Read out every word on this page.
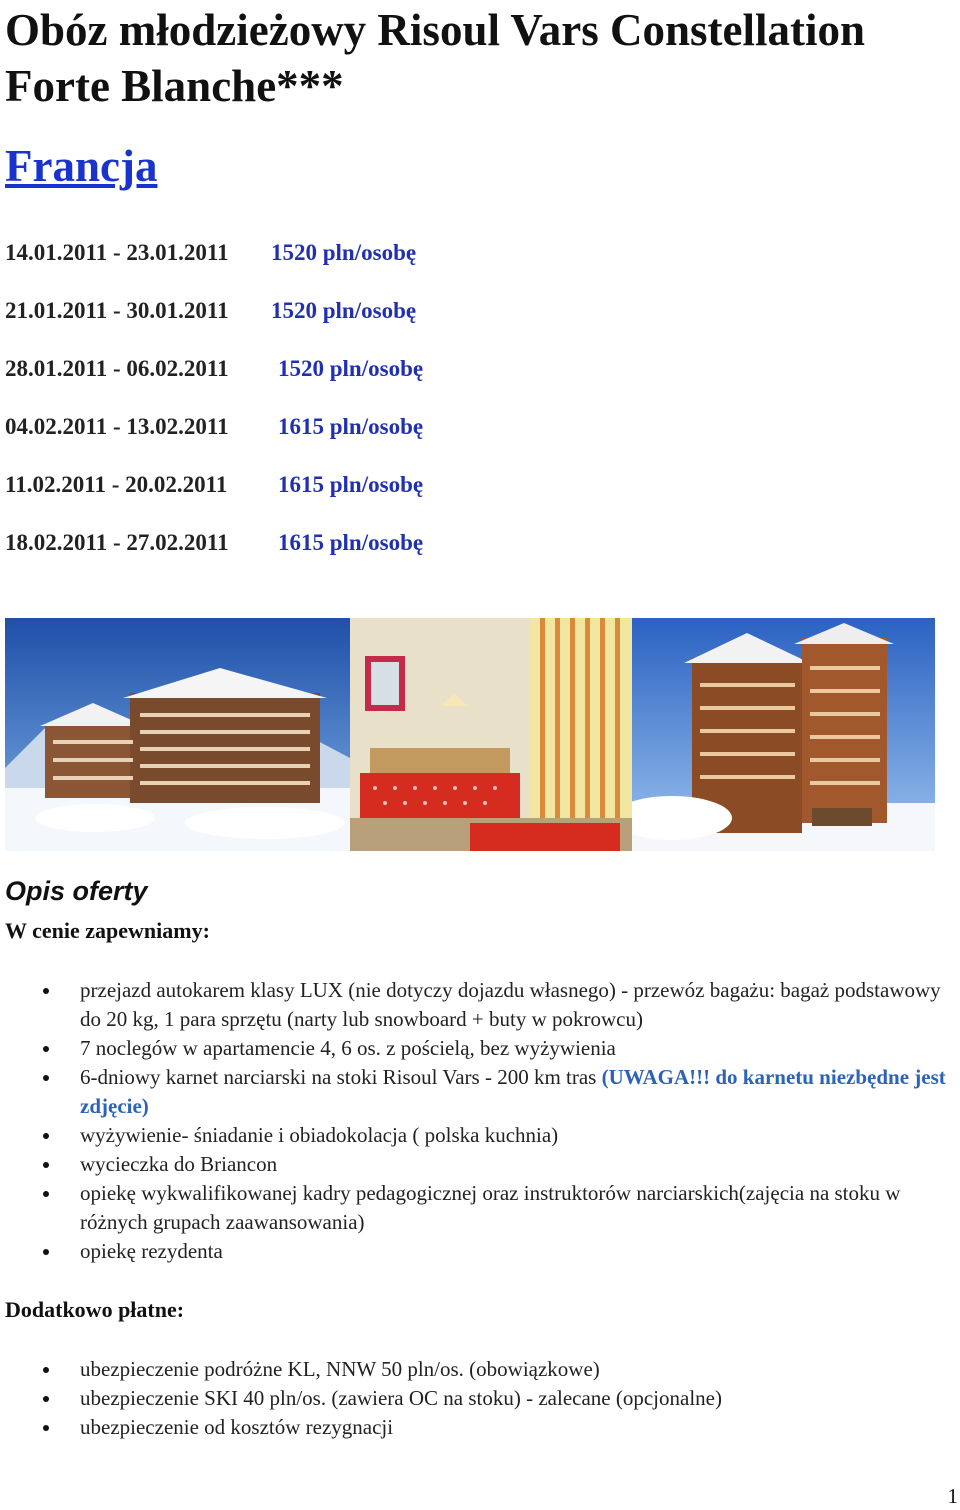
Obóz młodzieżowy Risoul Vars Constellation Forte Blanche***
Francja
14.01.2011 - 23.01.2011 1520 pln/osobę
21.01.2011 - 30.01.2011 1520 pln/osobę
28.01.2011 - 06.02.2011 1520 pln/osobę
04.02.2011 - 13.02.2011 1615 pln/osobę
11.02.2011 - 20.02.2011 1615 pln/osobę
18.02.2011 - 27.02.2011 1615 pln/osobę
Opis oferty
W cenie zapewniamy:
przejazd autokarem klasy LUX (nie dotyczy dojazdu własnego) - przewóz bagażu: bagaż podstawowy do 20 kg, 1 para sprzętu (narty lub snowboard + buty w pokrowcu)
7 noclegów w apartamencie 4, 6 os. z pościelą, bez wyżywienia
6-dniowy karnet narciarski na stoki Risoul Vars - 200 km tras (UWAGA!!! do karnetu niezbędne jest zdjęcie)
wyżywienie- śniadanie i obiadokolacja ( polska kuchnia)
wycieczka do Briancon
opiekę wykwalifikowanej kadry pedagogicznej oraz instruktorów narciarskich(zajęcia na stoku w różnych grupach zaawansowania)
opiekę rezydenta
Dodatkowo płatne:
ubezpieczenie podróżne KL, NNW 50 pln/os. (obowiązkowe)
ubezpieczenie SKI 40 pln/os. (zawiera OC na stoku) - zalecane (opcjonalne)
ubezpieczenie od kosztów rezygnacji
1
